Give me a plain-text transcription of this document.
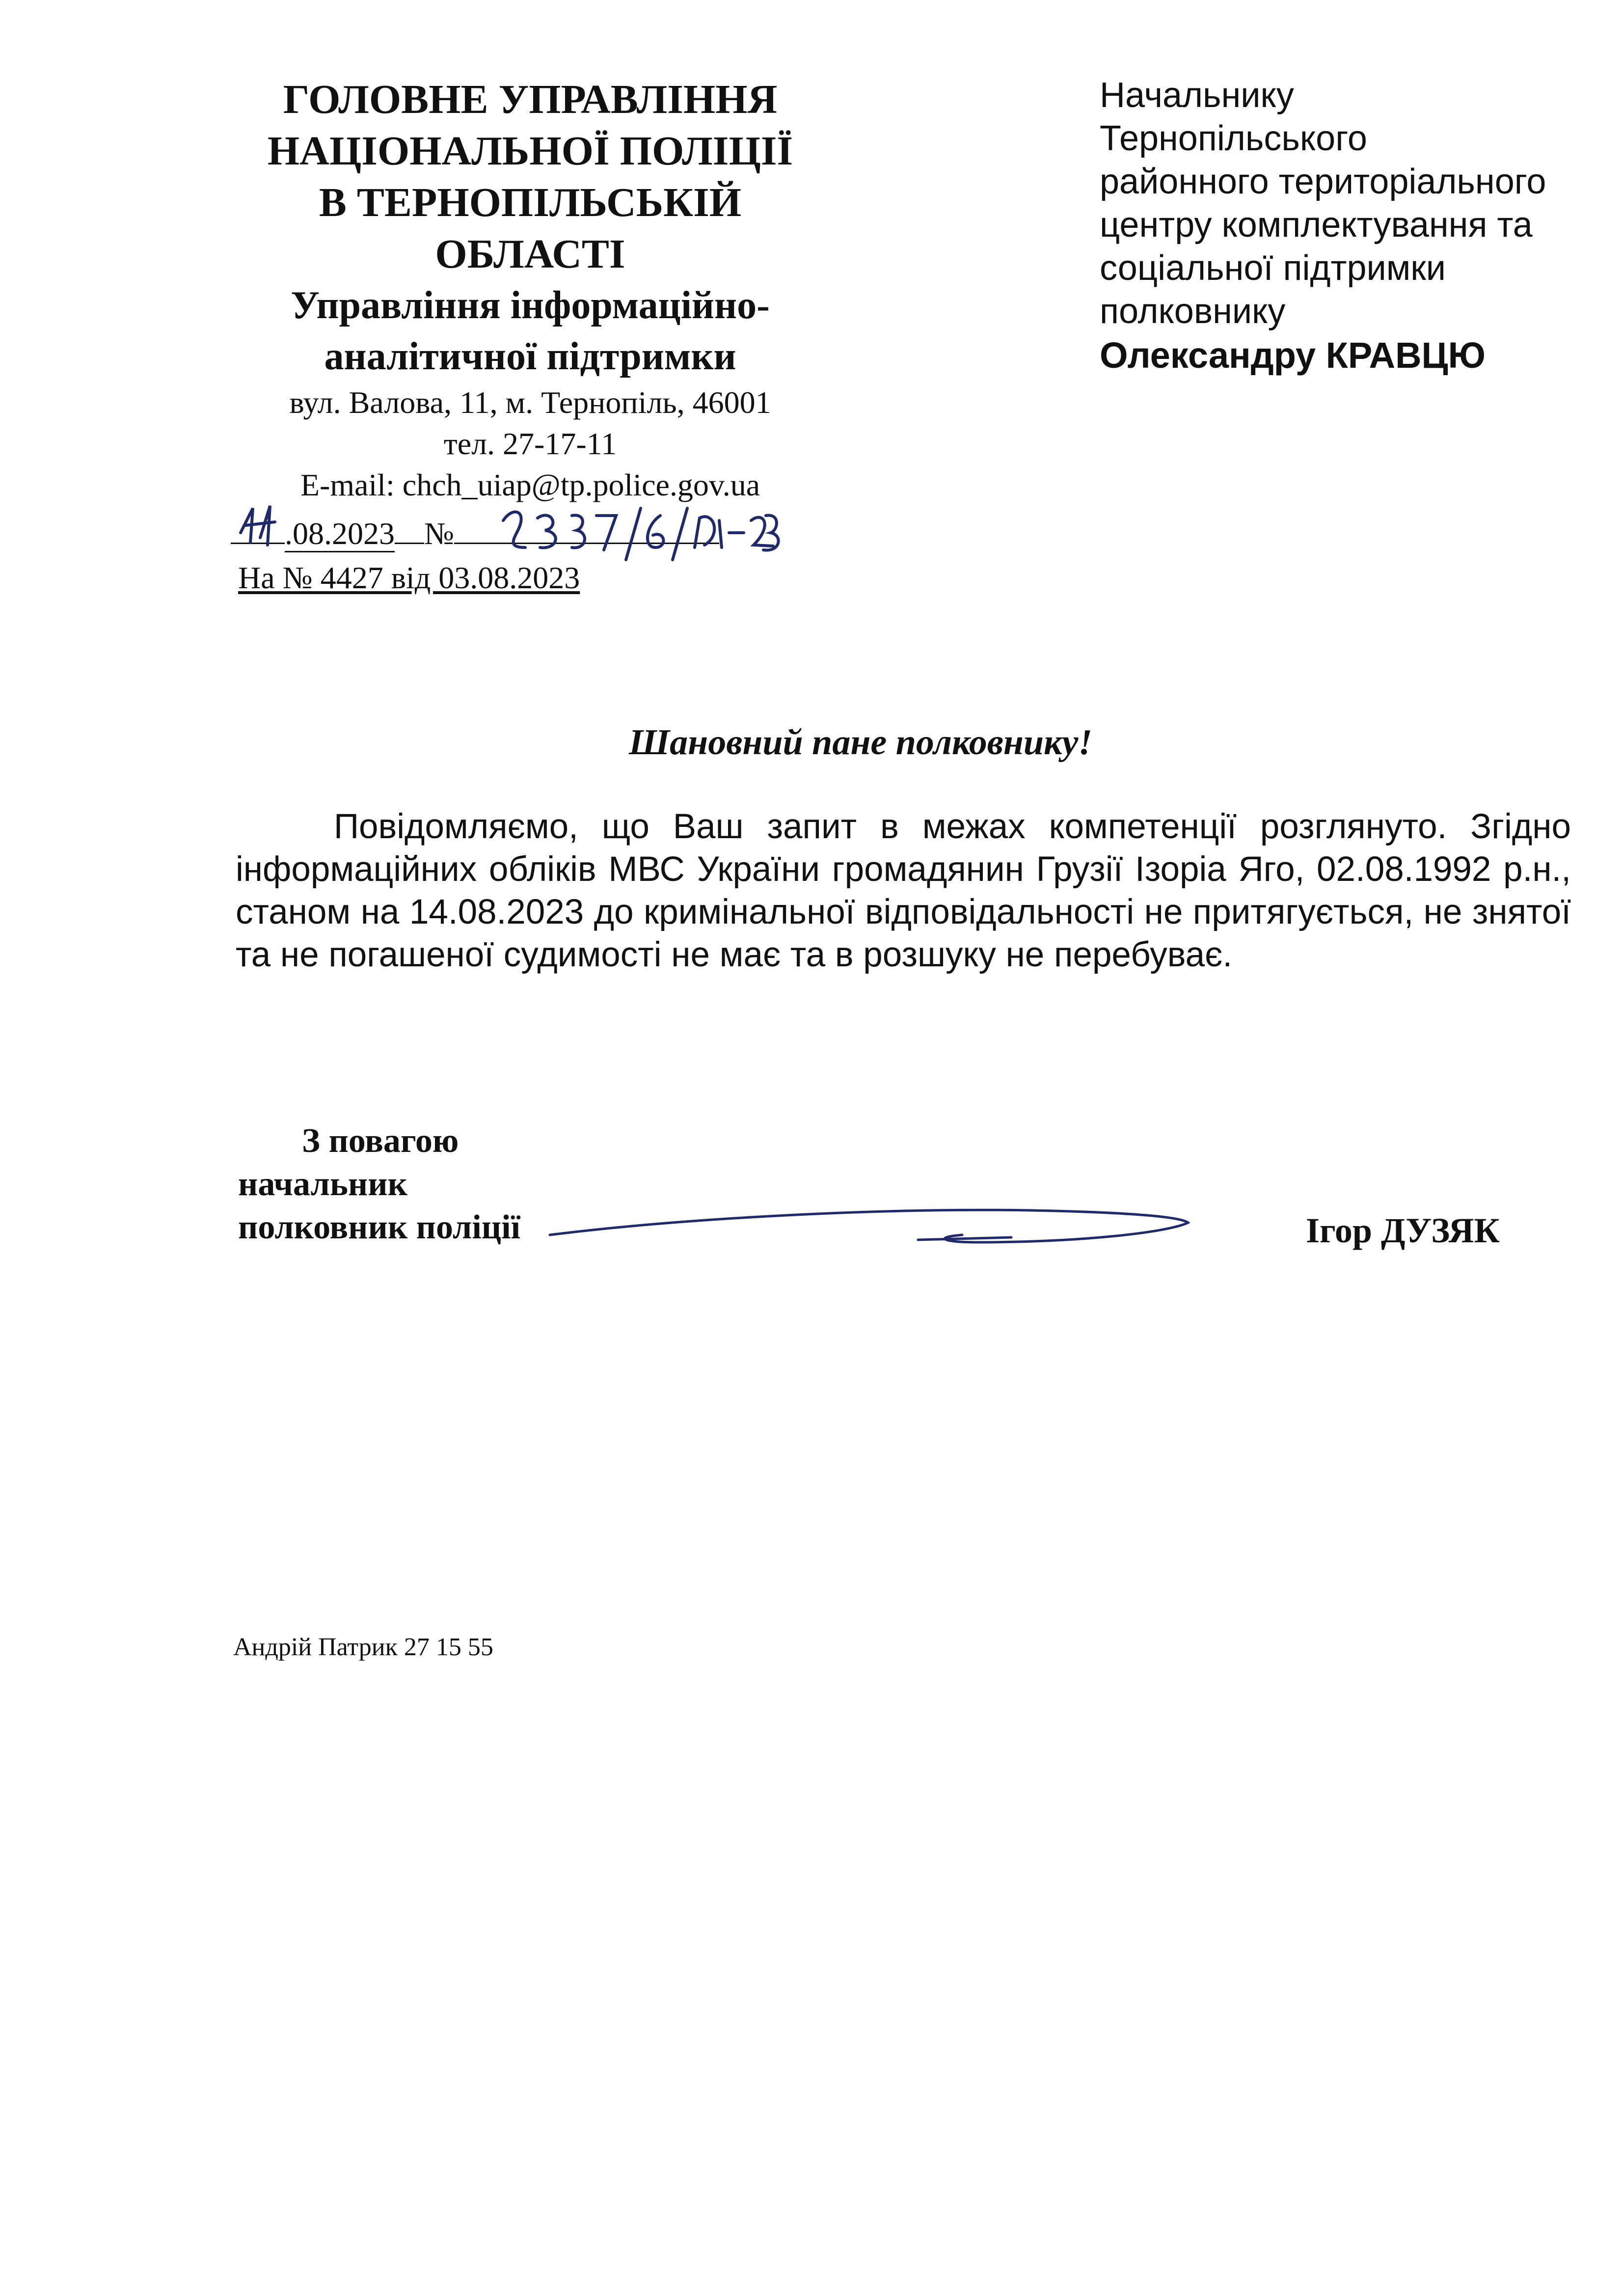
ГОЛОВНЕ УПРАВЛІННЯ
НАЦІОНАЛЬНОЇ ПОЛІЦІЇ
В ТЕРНОПІЛЬСЬКІЙ
ОБЛАСТІ
Управління інформаційно-
аналітичної підтримки
вул. Валова, 11, м. Тернопіль, 46001
тел. 27-17-11
E-mail: chch_uiap@tp.police.gov.ua
.08.2023 №
На № 4427 від 03.08.2023
Начальнику
Тернопільського
районного територіального
центру комплектування та
соціальної підтримки
полковнику
Олександру КРАВЦЮ
Шановний пане полковнику!
Повідомляємо, що Ваш запит в межах компетенції розглянуто. Згідно інформаційних обліків МВС України громадянин Грузії Ізоріа Яго, 02.08.1992 р.н., станом на 14.08.2023 до кримінальної відповідальності не притягується, не знятої та не погашеної судимості не має та в розшуку не перебуває.
З повагою
начальник
полковник поліції	Ігор ДУЗЯК
Андрій Патрик 27 15 55
